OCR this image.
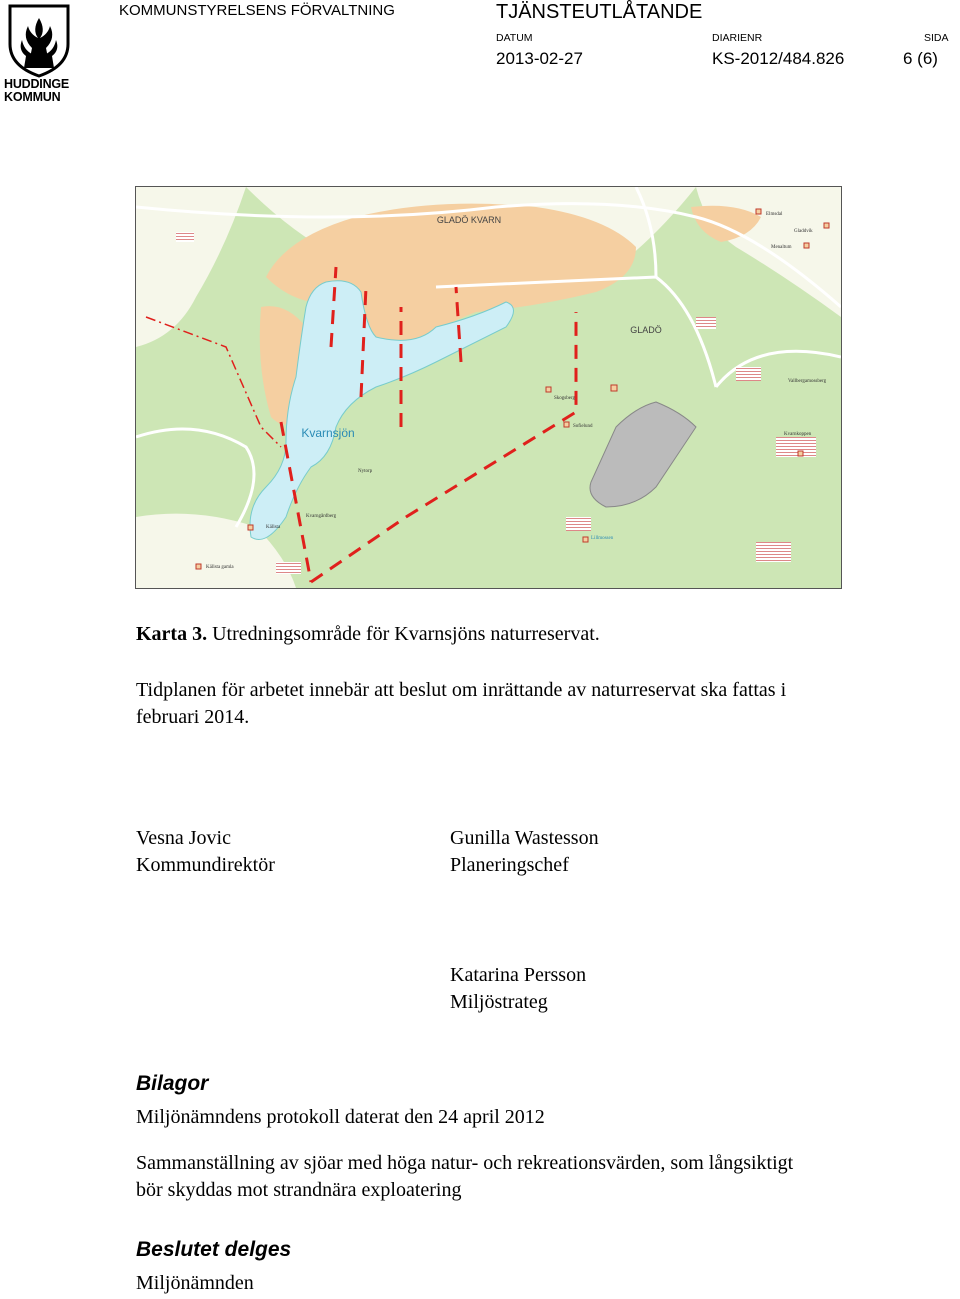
HUDDINGE
KOMMUN
KOMMUNSTYRELSENS FÖRVALTNING	TJÄNSTEUTLÅTANDE
DATUM	DIARIENR	SIDA
2013-02-27	KS-2012/484.826	6 (6)
GLADÖ KVARN
GLADÖ
Kvarnsjön
Elmsdal
Gladdvik
Menaltum
Vallbergamossberg
Skogsberg
Sofielund
Kvarnkoppen
Nytorp
Kvarngårdberg
Källsta
Lillmossen
Källsta gamla
Karta 3. Utredningsområde för Kvarnsjöns naturreservat.
Tidplanen för arbetet innebär att beslut om inrättande av naturreservat ska fattas i februari 2014.
Vesna Jovic
Kommundirektör
Gunilla Wastesson
Planeringschef
Katarina Persson
Miljöstrateg
Bilagor
Miljönämndens protokoll daterat den 24 april 2012
Sammanställning av sjöar med höga natur- och rekreationsvärden, som långsiktigt bör skyddas mot strandnära exploatering
Beslutet delges
Miljönämnden
